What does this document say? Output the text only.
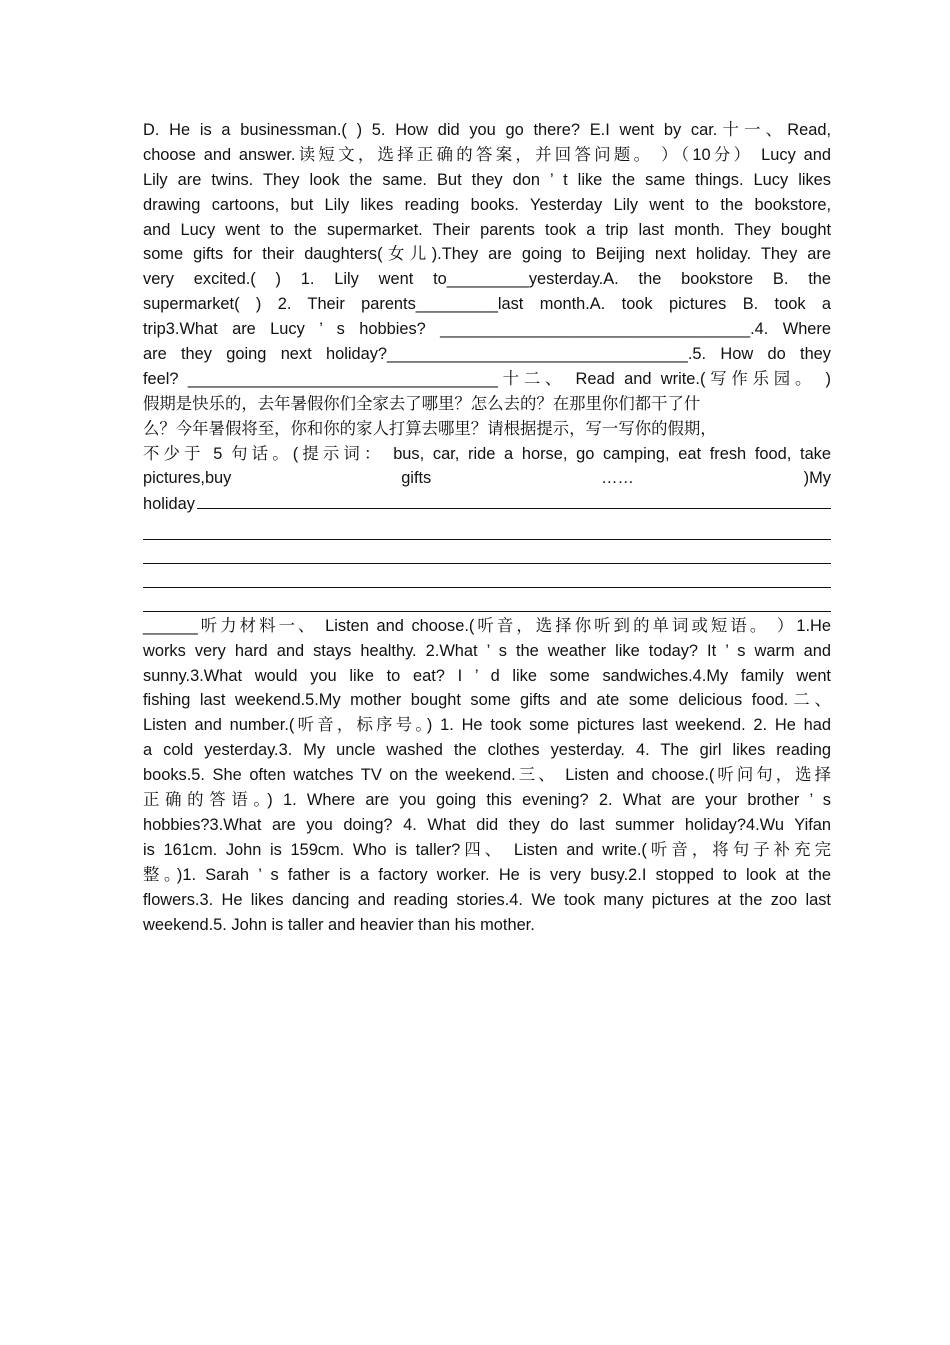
D. He is a businessman.( ) 5. How did you go there? E.I went by car.十一、Read,
choose and answer.读短文，选择正确的答案，并回答问题。 ）（10分） Lucy and
Lily are twins. They look the same. But they don ’ t like the same things. Lucy likes
drawing cartoons, but Lily likes reading books. Yesterday Lily went to the bookstore,
and Lucy went to the supermarket. Their parents took a trip last month. They bought
some gifts for their daughters(女儿).They are going to Beijing next holiday. They are
very excited.( ) 1. Lily went to_________yesterday.A. the bookstore B. the
supermarket( ) 2. Their parents_________last month.A. took pictures B. took a
trip3.What are Lucy ’ s hobbies? __________________________________.4. Where
are they going next holiday?_________________________________.5. How do they
feel? __________________________________十二、 Read and write.(写作乐园。 )
假期是快乐的，去年暑假你们全家去了哪里？怎么去的？在那里你们都干了什
么？今年暑假将至，你和你的家人打算去哪里？请根据提示，写一写你的假期，
不少于 5 句话。(提示词： bus, car, ride a horse, go camping, eat fresh food, take
pictures,buy gifts …… )My
holiday
______听力材料一、 Listen and choose.(听音，选择你听到的单词或短语。 ）1.He
works very hard and stays healthy. 2.What ’ s the weather like today? It ’ s warm and
sunny.3.What would you like to eat? I ’ d like some sandwiches.4.My family went
fishing last weekend.5.My mother bought some gifts and ate some delicious food.二、
Listen and number.(听音，标序号。) 1. He took some pictures last weekend. 2. He had
a cold yesterday.3. My uncle washed the clothes yesterday. 4. The girl likes reading
books.5. She often watches TV on the weekend.三、 Listen and choose.(听问句，选择
正确的答语。) 1. Where are you going this evening? 2. What are your brother ’ s
hobbies?3.What are you doing? 4. What did they do last summer holiday?4.Wu Yifan
is 161cm. John is 159cm. Who is taller?四、 Listen and write.(听音，将句子补充完
整。)1. Sarah ’ s father is a factory worker. He is very busy.2.I stopped to look at the
flowers.3. He likes dancing and reading stories.4. We took many pictures at the zoo last
weekend.5. John is taller and heavier than his mother.
